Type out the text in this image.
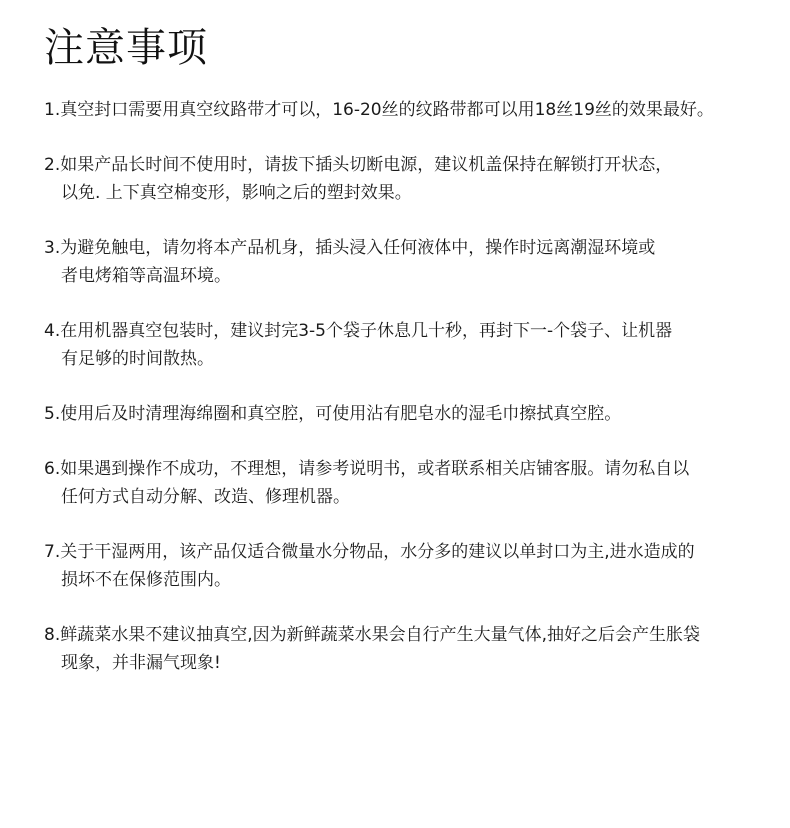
注意事项
1.真空封口需要用真空纹路带才可以，16-20丝的纹路带都可以用18丝19丝的效果最好。
2.如果产品长时间不使用时，请拔下插头切断电源，建议机盖保持在解锁打开状态，
以免. 上下真空棉变形，影响之后的塑封效果。
3.为避免触电，请勿将本产品机身，插头浸入任何液体中，操作时远离潮湿环境或
者电烤箱等高温环境。
4.在用机器真空包装时，建议封完3-5个袋子休息几十秒，再封下一-个袋子、让机器
有足够的时间散热。
5.使用后及时清理海绵圈和真空腔，可使用沾有肥皂水的湿毛巾擦拭真空腔。
6.如果遇到操作不成功，不理想，请参考说明书，或者联系相关店铺客服。请勿私自以
任何方式自动分解、改造、修理机器。
7.关于干湿两用，该产品仅适合微量水分物品，水分多的建议以单封口为主,进水造成的
损坏不在保修范围内。
8.鲜蔬菜水果不建议抽真空,因为新鲜蔬菜水果会自行产生大量气体,抽好之后会产生胀袋
现象，并非漏气现象!
